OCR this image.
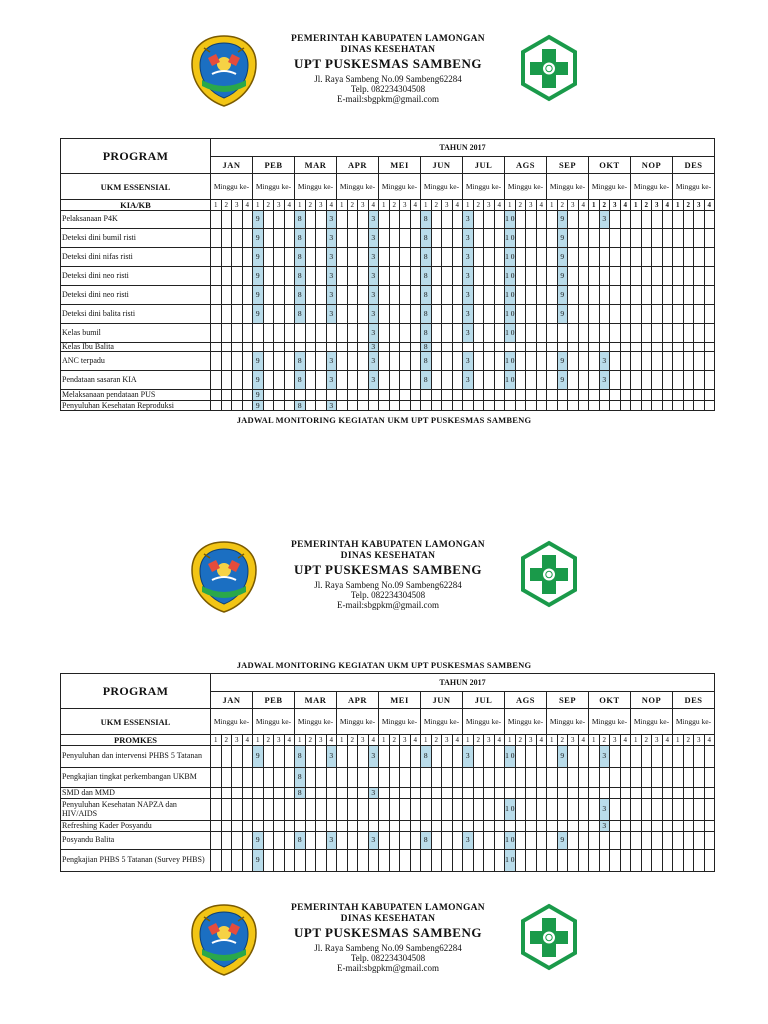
PEMERINTAH KABUPATEN LAMONGAN
DINAS KESEHATAN
UPT PUSKESMAS SAMBENG
Jl. Raya Sambeng No.09 Sambeng62284
Telp. 082234304508
E-mail:sbgpkm@gmail.com
JADWAL MONITORING KEGIATAN UKM UPT PUSKESMAS SAMBENG
PROGRAM	TAHUN 2017																																															
	JAN				PEB				MAR				APR				MEI				JUN				JUL				AGS				SEP				OKT				NOP				DES			
UKM ESSENSIAL	Minggu ke-				Minggu ke-				Minggu ke-				Minggu ke-				Minggu ke-				Minggu ke-				Minggu ke-				Minggu ke-				Minggu ke-				Minggu ke-				Minggu ke-				Minggu ke-			
KIA/KB	1	2	3	4	1	2	3	4	1	2	3	4	1	2	3	4	1	2	3	4	1	2	3	4	1	2	3	4	1	2	3	4	1	2	3	4	1	2	3	4	1	2	3	4	1	2	3	4
Pelaksanaan P4K					9				8			3				3					8				3				1 0					9				3										
Deteksi dini bumil risti					9				8			3				3					8				3				1 0					9														
Deteksi dini nifas risti					9				8			3				3					8				3				1 0					9														
Deteksi dini neo risti					9				8			3				3					8				3				1 0					9														
Deteksi dini neo risti					9				8			3				3					8				3				1 0					9														
Deteksi dini balita risti					9				8			3				3					8				3				1 0					9														
Kelas bumil																3					8				3				1 0																			
Kelas Ibu Balita																3					8																											
ANC terpadu					9				8			3				3					8				3				1 0					9				3										
Pendataan sasaran KIA					9				8			3				3					8				3				1 0					9				3										
Melaksanaan pendataan PUS					9																																											
Penyuluhan Kesehatan Reproduksi					9				8			3																																				
PEMERINTAH KABUPATEN LAMONGAN
DINAS KESEHATAN
UPT PUSKESMAS SAMBENG
Jl. Raya Sambeng No.09 Sambeng62284
Telp. 082234304508
E-mail:sbgpkm@gmail.com
JADWAL MONITORING KEGIATAN UKM UPT PUSKESMAS SAMBENG
PROGRAM	TAHUN 2017																																															
	JAN				PEB				MAR				APR				MEI				JUN				JUL				AGS				SEP				OKT				NOP				DES			
UKM ESSENSIAL	Minggu ke-				Minggu ke-				Minggu ke-				Minggu ke-				Minggu ke-				Minggu ke-				Minggu ke-				Minggu ke-				Minggu ke-				Minggu ke-				Minggu ke-				Minggu ke-			
PROMKES	1	2	3	4	1	2	3	4	1	2	3	4	1	2	3	4	1	2	3	4	1	2	3	4	1	2	3	4	1	2	3	4	1	2	3	4	1	2	3	4	1	2	3	4	1	2	3	4
Penyuluhan dan intervensi PHBS 5 Tatanan					9				8			3				3					8				3				1 0					9				3										
Pengkajian tingkat perkembangan UKBM									8																																							
SMD dan MMD									8							3																																
Penyuluhan Kesehatan NAPZA dan HIV/AIDS																													1 0									3										
Refreshing Kader Posyandu																																						3										
Posyandu Balita					9				8			3				3					8				3				1 0					9														
Pengkajian PHBS 5 Tatanan (Survey PHBS)					9																								1 0																			
PEMERINTAH KABUPATEN LAMONGAN
DINAS KESEHATAN
UPT PUSKESMAS SAMBENG
Jl. Raya Sambeng No.09 Sambeng62284
Telp. 082234304508
E-mail:sbgpkm@gmail.com
